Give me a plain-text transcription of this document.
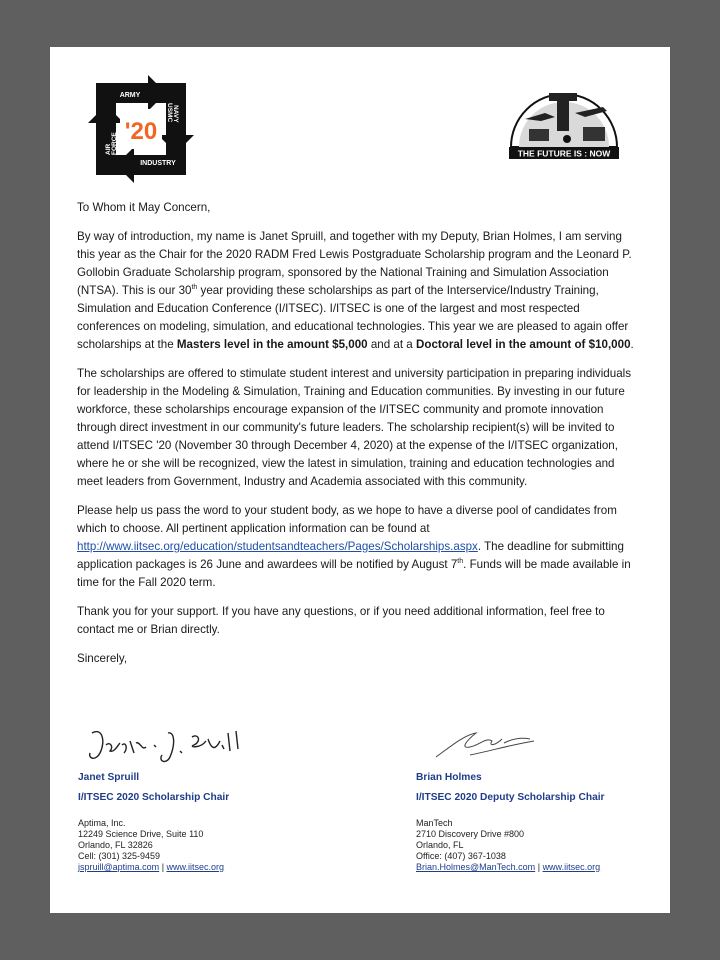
'20
ARMY
INDUSTRY
NAVY
USMC
AIR FORCE	THE FUTURE IS : NOW

To Whom it May Concern,

By way of introduction, my name is Janet Spruill, and together with my Deputy, Brian Holmes, I am serving this year as the Chair for the 2020 RADM Fred Lewis Postgraduate Scholarship program and the Leonard P. Gollobin Graduate Scholarship program, sponsored by the National Training and Simulation Association (NTSA). This is our 30th year providing these scholarships as part of the Interservice/Industry Training, Simulation and Education Conference (I/ITSEC). I/ITSEC is one of the largest and most respected conferences on modeling, simulation, and educational technologies. This year we are pleased to again offer scholarships at the Masters level in the amount $5,000 and at a Doctoral level in the amount of $10,000.

The scholarships are offered to stimulate student interest and university participation in preparing individuals for leadership in the Modeling & Simulation, Training and Education communities. By investing in our future workforce, these scholarships encourage expansion of the I/ITSEC community and promote innovation through direct investment in our community's future leaders. The scholarship recipient(s) will be invited to attend I/ITSEC '20 (November 30 through December 4, 2020) at the expense of the I/ITSEC organization, where he or she will be recognized, view the latest in simulation, training and education technologies and meet leaders from Government, Industry and Academia associated with this community.

Please help us pass the word to your student body, as we hope to have a diverse pool of candidates from which to choose. All pertinent application information can be found at http://www.iitsec.org/education/studentsandteachers/Pages/Scholarships.aspx. The deadline for submitting application packages is 26 June and awardees will be notified by August 7th. Funds will be made available in time for the Fall 2020 term.

Thank you for your support. If you have any questions, or if you need additional information, feel free to contact me or Brian directly.

Sincerely,

Janet Spruill
I/ITSEC 2020 Scholarship Chair
Aptima, Inc.
12249 Science Drive, Suite 110
Orlando, FL 32826
Cell: (301) 325-9459
jspruill@aptima.com | www.iitsec.org
Brian Holmes
I/ITSEC 2020 Deputy Scholarship Chair
ManTech
2710 Discovery Drive #800
Orlando, FL
Office: (407) 367-1038
Brian.Holmes@ManTech.com | www.iitsec.org
